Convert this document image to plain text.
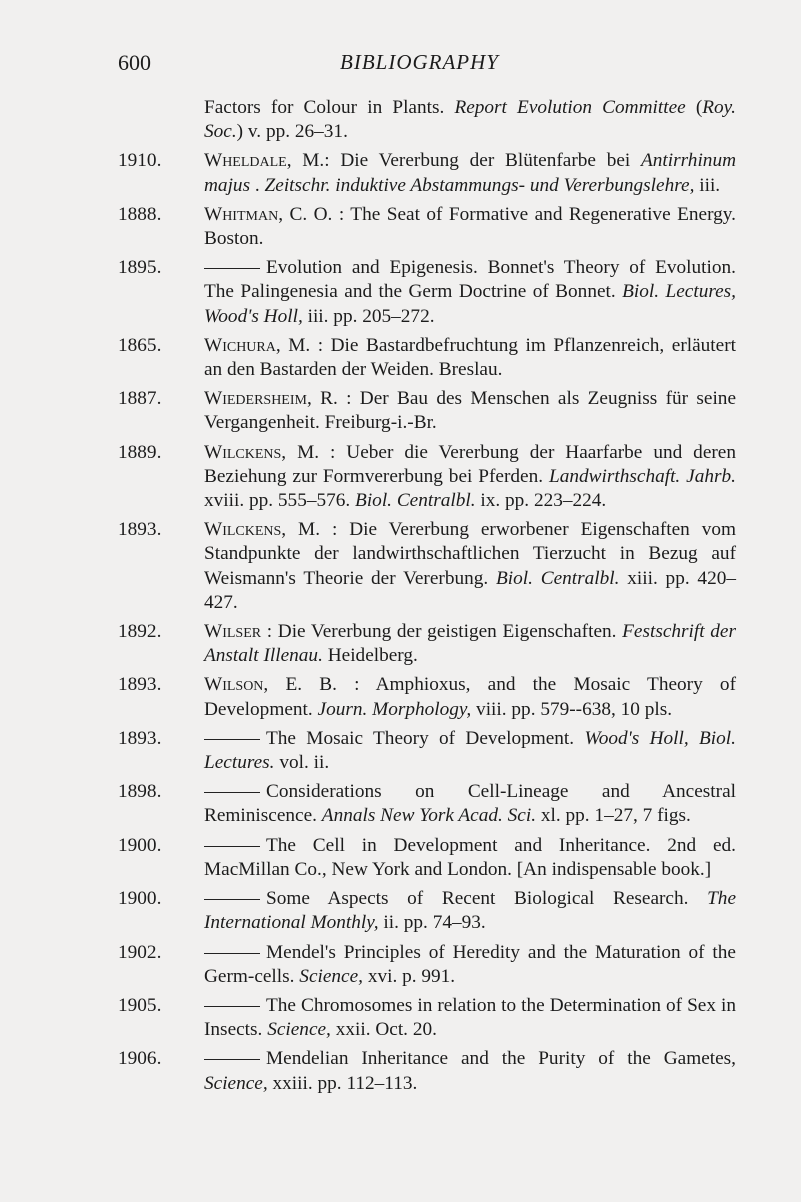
600	BIBLIOGRAPHY
Factors for Colour in Plants. Report Evolution Committee (Roy. Soc.) v. pp. 26–31.
1910. Wheldale, M.: Die Vererbung der Blütenfarbe bei Antirrhinum majus . Zeitschr. induktive Abstammungs- und Vererbungslehre, iii.
1888. Whitman, C. O. : The Seat of Formative and Regenerative Energy. Boston.
1895.	Evolution and Epigenesis. Bonnet's Theory of Evolution. The Palingenesia and the Germ Doctrine of Bonnet. Biol. Lectures, Wood's Holl, iii. pp. 205–272.
1865. Wichura, M. : Die Bastardbefruchtung im Pflanzenreich, erläutert an den Bastarden der Weiden. Breslau.
1887. Wiedersheim, R. : Der Bau des Menschen als Zeugniss für seine Vergangenheit. Freiburg-i.-Br.
1889. Wilckens, M. : Ueber die Vererbung der Haarfarbe und deren Beziehung zur Formvererbung bei Pferden. Landwirthschaft. Jahrb. xviii. pp. 555–576. Biol. Centralbl. ix. pp. 223–224.
1893. Wilckens, M. : Die Vererbung erworbener Eigenschaften vom Standpunkte der landwirthschaftlichen Tierzucht in Bezug auf Weismann's Theorie der Vererbung. Biol. Centralbl. xiii. pp. 420–427.
1892. Wilser : Die Vererbung der geistigen Eigenschaften. Festschrift der Anstalt Illenau. Heidelberg.
1893. Wilson, E. B. : Amphioxus, and the Mosaic Theory of Development. Journ. Morphology, viii. pp. 579--638, 10 pls.
1893.	The Mosaic Theory of Development. Wood's Holl, Biol. Lectures. vol. ii.
1898.	Considerations on Cell-Lineage and Ancestral Reminiscence. Annals New York Acad. Sci. xl. pp. 1–27, 7 figs.
1900.	The Cell in Development and Inheritance. 2nd ed. MacMillan Co., New York and London. [An indispensable book.]
1900.	Some Aspects of Recent Biological Research. The International Monthly, ii. pp. 74–93.
1902.	Mendel's Principles of Heredity and the Maturation of the Germ-cells. Science, xvi. p. 991.
1905.	The Chromosomes in relation to the Determination of Sex in Insects. Science, xxii. Oct. 20.
1906.	Mendelian Inheritance and the Purity of the Gametes, Science, xxiii. pp. 112–113.
